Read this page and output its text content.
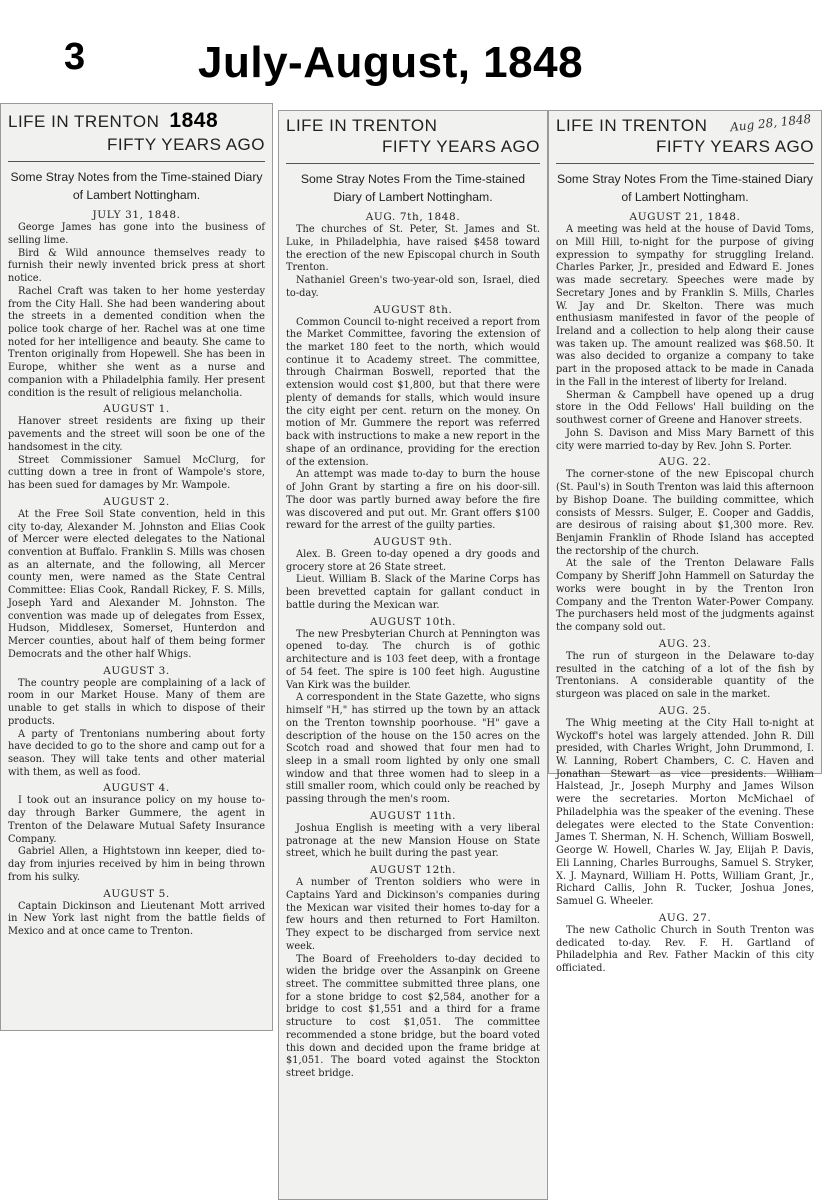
3	July-August, 1848
LIFE IN TRENTON 1848
FIFTY YEARS AGO
Some Stray Notes from the Time-stained Diary of Lambert Nottingham.
JULY 31, 1848.

George James has gone into the business of selling lime.

Bird & Wild announce themselves ready to furnish their newly invented brick press at short notice.

Rachel Craft was taken to her home yesterday from the City Hall. She had been wandering about the streets in a demented condition when the police took charge of her. Rachel was at one time noted for her intelligence and beauty. She came to Trenton originally from Hopewell. She has been in Europe, whither she went as a nurse and companion with a Philadelphia family. Her present condition is the result of religious melancholia.

AUGUST 1.

Hanover street residents are fixing up their pavements and the street will soon be one of the handsomest in the city.

Street Commissioner Samuel McClurg, for cutting down a tree in front of Wampole's store, has been sued for damages by Mr. Wampole.

AUGUST 2.

At the Free Soil State convention, held in this city to-day, Alexander M. Johnston and Elias Cook of Mercer were elected delegates to the National convention at Buffalo. Franklin S. Mills was chosen as an alternate, and the following, all Mercer county men, were named as the State Central Committee: Elias Cook, Randall Rickey, F. S. Mills, Joseph Yard and Alexander M. Johnston. The convention was made up of delegates from Essex, Hudson, Middlesex, Somerset, Hunterdon and Mercer counties, about half of them being former Democrats and the other half Whigs.

AUGUST 3.

The country people are complaining of a lack of room in our Market House. Many of them are unable to get stalls in which to dispose of their products.

A party of Trentonians numbering about forty have decided to go to the shore and camp out for a season. They will take tents and other material with them, as well as food.

AUGUST 4.

I took out an insurance policy on my house to-day through Barker Gummere, the agent in Trenton of the Delaware Mutual Safety Insurance Company.

Gabriel Allen, a Hightstown inn keeper, died to-day from injuries received by him in being thrown from his sulky.

AUGUST 5.

Captain Dickinson and Lieutenant Mott arrived in New York last night from the battle fields of Mexico and at once came to Trenton.

LIFE IN TRENTON
FIFTY YEARS AGO
Some Stray Notes From the Time-stained Diary of Lambert Nottingham.
AUG. 7th, 1848.

The churches of St. Peter, St. James and St. Luke, in Philadelphia, have raised $458 toward the erection of the new Episcopal church in South Trenton.

Nathaniel Green's two-year-old son, Israel, died to-day.

AUGUST 8th.

Common Council to-night received a report from the Market Committee, favoring the extension of the market 180 feet to the north, which would continue it to Academy street. The committee, through Chairman Boswell, reported that the extension would cost $1,800, but that there were plenty of demands for stalls, which would insure the city eight per cent. return on the money. On motion of Mr. Gummere the report was referred back with instructions to make a new report in the shape of an ordinance, providing for the erection of the extension.

An attempt was made to-day to burn the house of John Grant by starting a fire on his door-sill. The door was partly burned away before the fire was discovered and put out. Mr. Grant offers $100 reward for the arrest of the guilty parties.

AUGUST 9th.

Alex. B. Green to-day opened a dry goods and grocery store at 26 State street.

Lieut. William B. Slack of the Marine Corps has been brevetted captain for gallant conduct in battle during the Mexican war.

AUGUST 10th.

The new Presbyterian Church at Pennington was opened to-day. The church is of gothic architecture and is 103 feet deep, with a frontage of 54 feet. The spire is 100 feet high. Augustine Van Kirk was the builder.

A correspondent in the State Gazette, who signs himself "H," has stirred up the town by an attack on the Trenton township poorhouse. "H" gave a description of the house on the 150 acres on the Scotch road and showed that four men had to sleep in a small room lighted by only one small window and that three women had to sleep in a still smaller room, which could only be reached by passing through the men's room.

AUGUST 11th.

Joshua English is meeting with a very liberal patronage at the new Mansion House on State street, which he built during the past year.

AUGUST 12th.

A number of Trenton soldiers who were in Captains Yard and Dickinson's companies during the Mexican war visited their homes to-day for a few hours and then returned to Fort Hamilton. They expect to be discharged from service next week.

The Board of Freeholders to-day decided to widen the bridge over the Assanpink on Greene street. The committee submitted three plans, one for a stone bridge to cost $2,584, another for a bridge to cost $1,551 and a third for a frame structure to cost $1,051. The committee recommended a stone bridge, but the board voted this down and decided upon the frame bridge at $1,051. The board voted against the Stockton street bridge.

Aug 28, 1848
LIFE IN TRENTON
FIFTY YEARS AGO
Some Stray Notes From the Time-stained Diary of Lambert Nottingham.
AUGUST 21, 1848.

A meeting was held at the house of David Toms, on Mill Hill, to-night for the purpose of giving expression to sympathy for struggling Ireland. Charles Parker, Jr., presided and Edward E. Jones was made secretary. Speeches were made by Secretary Jones and by Franklin S. Mills, Charles W. Jay and Dr. Skelton. There was much enthusiasm manifested in favor of the people of Ireland and a collection to help along their cause was taken up. The amount realized was $68.50. It was also decided to organize a company to take part in the proposed attack to be made in Canada in the Fall in the interest of liberty for Ireland.

Sherman & Campbell have opened up a drug store in the Odd Fellows' Hall building on the southwest corner of Greene and Hanover streets.

John S. Davison and Miss Mary Barnett of this city were married to-day by Rev. John S. Porter.

AUG. 22.

The corner-stone of the new Episcopal church (St. Paul's) in South Trenton was laid this afternoon by Bishop Doane. The building committee, which consists of Messrs. Sulger, E. Cooper and Gaddis, are desirous of raising about $1,300 more. Rev. Benjamin Franklin of Rhode Island has accepted the rectorship of the church.

At the sale of the Trenton Delaware Falls Company by Sheriff John Hammell on Saturday the works were bought in by the Trenton Iron Company and the Trenton Water-Power Company. The purchasers held most of the judgments against the company sold out.

AUG. 23.

The run of sturgeon in the Delaware to-day resulted in the catching of a lot of the fish by Trentonians. A considerable quantity of the sturgeon was placed on sale in the market.

AUG. 25.

The Whig meeting at the City Hall to-night at Wyckoff's hotel was largely attended. John R. Dill presided, with Charles Wright, John Drummond, I. W. Lanning, Robert Chambers, C. C. Haven and Jonathan Stewart as vice presidents. William Halstead, Jr., Joseph Murphy and James Wilson were the secretaries. Morton McMichael of Philadelphia was the speaker of the evening. These delegates were elected to the State Convention: James T. Sherman, N. H. Schench, William Boswell, George W. Howell, Charles W. Jay, Elijah P. Davis, Eli Lanning, Charles Burroughs, Samuel S. Stryker, X. J. Maynard, William H. Potts, William Grant, Jr., Richard Callis, John R. Tucker, Joshua Jones, Samuel G. Wheeler.

AUG. 27.

The new Catholic Church in South Trenton was dedicated to-day. Rev. F. H. Gartland of Philadelphia and Rev. Father Mackin of this city officiated.
